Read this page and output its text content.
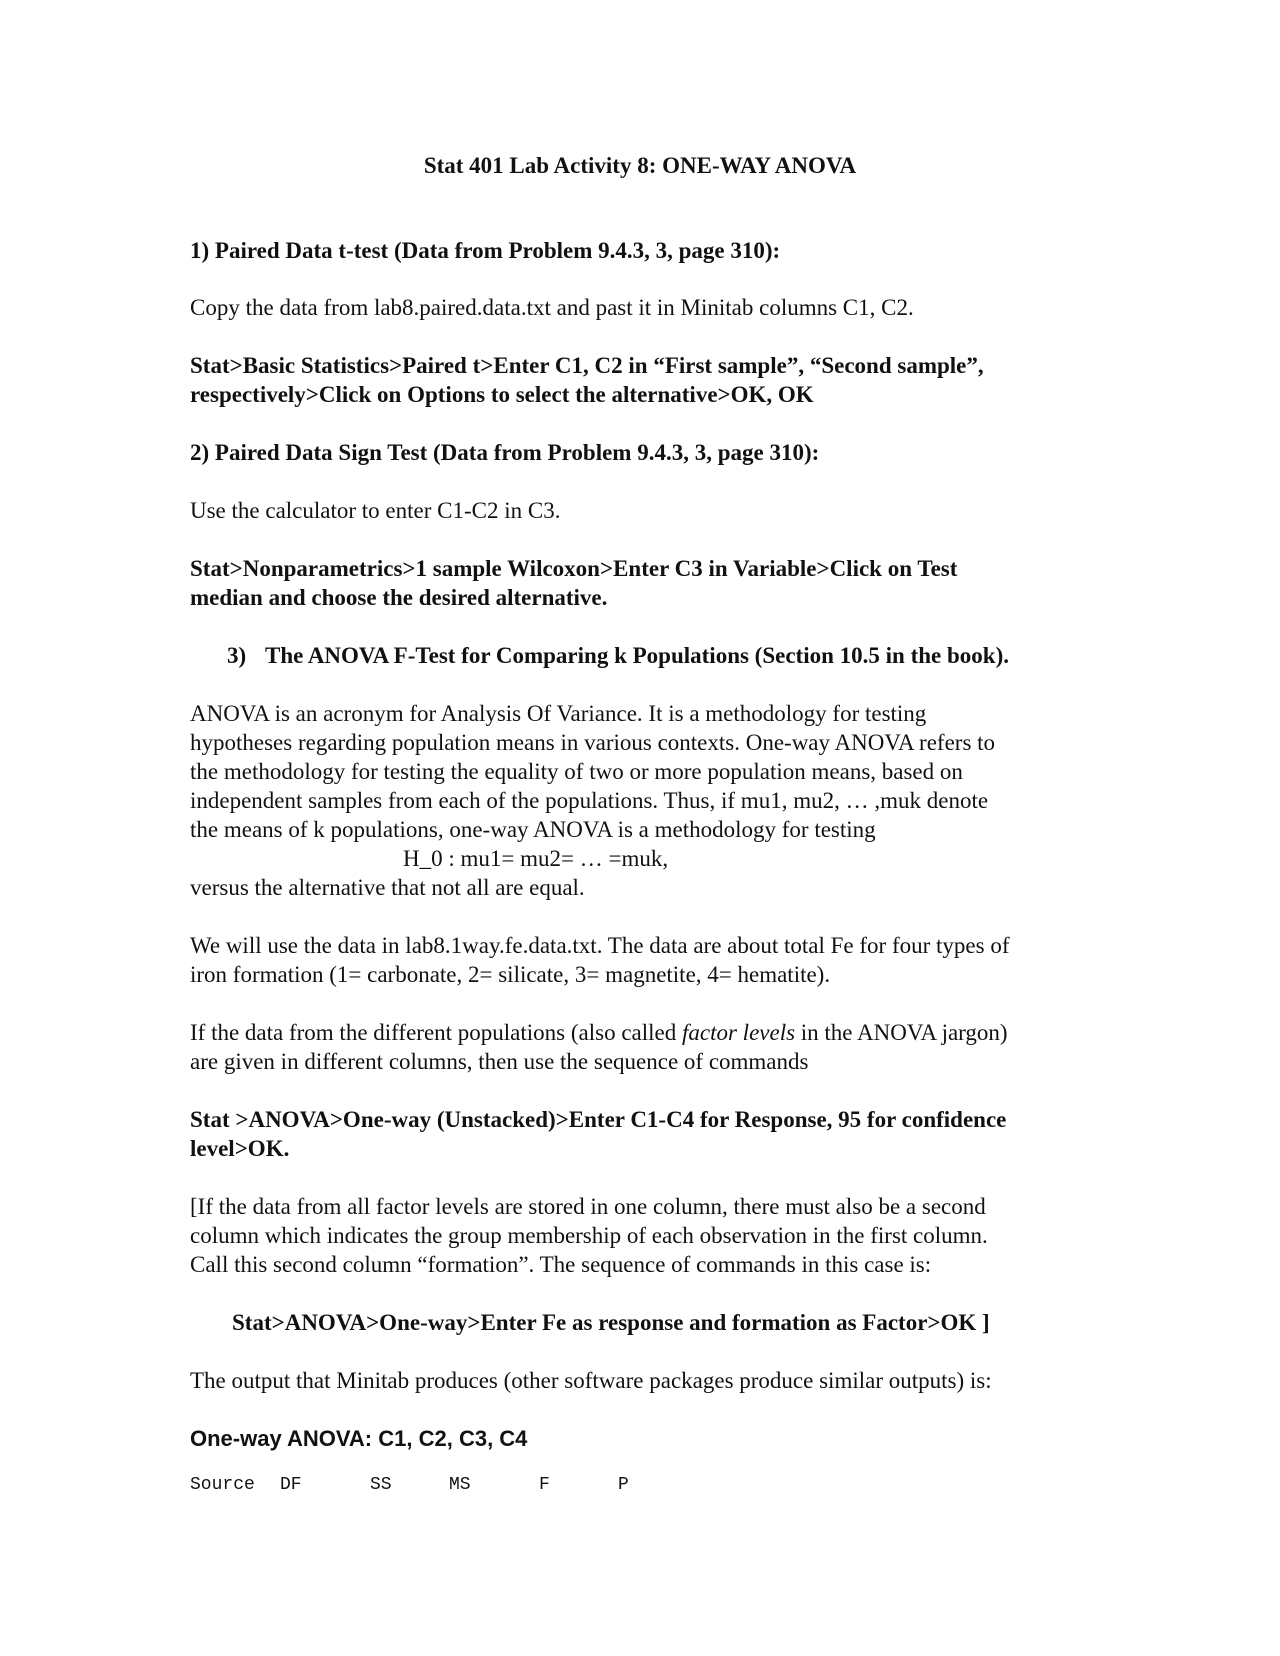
Stat 401 Lab Activity 8: ONE-WAY ANOVA
1) Paired Data t-test (Data from Problem 9.4.3, 3, page 310):
Copy the data from lab8.paired.data.txt and past it in Minitab columns C1, C2.
Stat>Basic Statistics>Paired t>Enter C1, C2 in “First sample”, “Second sample”,
respectively>Click on Options to select the alternative>OK, OK
2) Paired Data Sign Test (Data from Problem 9.4.3, 3, page 310):
Use the calculator to enter C1-C2 in C3.
Stat>Nonparametrics>1 sample Wilcoxon>Enter C3 in Variable>Click on Test
median and choose the desired alternative.
3) The ANOVA F-Test for Comparing k Populations (Section 10.5 in the book).
ANOVA is an acronym for Analysis Of Variance. It is a methodology for testing
hypotheses regarding population means in various contexts. One-way ANOVA refers to
the methodology for testing the equality of two or more population means, based on
independent samples from each of the populations. Thus, if mu1, mu2, … ,muk denote
the means of k populations, one-way ANOVA is a methodology for testing
H_0 : mu1= mu2= … =muk,
versus the alternative that not all are equal.
We will use the data in lab8.1way.fe.data.txt. The data are about total Fe for four types of
iron formation (1= carbonate, 2= silicate, 3= magnetite, 4= hematite).
If the data from the different populations (also called factor levels in the ANOVA jargon)
are given in different columns, then use the sequence of commands
Stat >ANOVA>One-way (Unstacked)>Enter C1-C4 for Response, 95 for confidence
level>OK.
[If the data from all factor levels are stored in one column, there must also be a second
column which indicates the group membership of each observation in the first column.
Call this second column “formation”. The sequence of commands in this case is:
Stat>ANOVA>One-way>Enter Fe as response and formation as Factor>OK ]
The output that Minitab produces (other software packages produce similar outputs) is:
One-way ANOVA: C1, C2, C3, C4
Source DF	SS	MS	F	P
